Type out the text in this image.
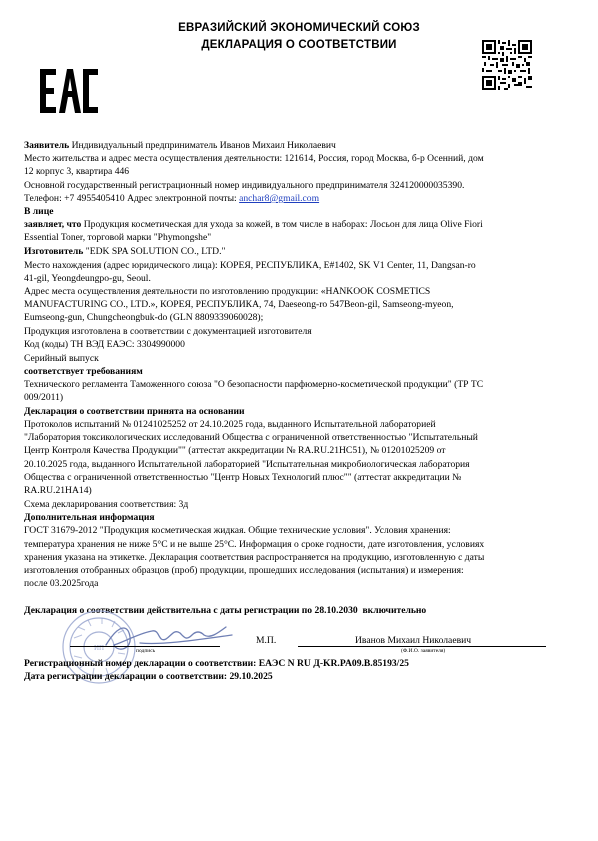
ЕВРАЗИЙСКИЙ ЭКОНОМИЧЕСКИЙ СОЮЗ
ДЕКЛАРАЦИЯ О СООТВЕТСТВИИ
Заявитель Индивидуальный предприниматель Иванов Михаил Николаевич
Место жительства и адрес места осуществления деятельности: 121614, Россия, город Москва, б-р Осенний, дом
12 корпус 3, квартира 446
Основной государственный регистрационный номер индивидуального предпринимателя 324120000035390.
Телефон: +7 4955405410 Адрес электронной почты: anchar8@gmail.com
В лице
заявляет, что Продукция косметическая для ухода за кожей, в том числе в наборах: Лосьон для лица Olive Fiori
Essential Toner, торговой марки "Phymongshe"
Изготовитель "EDK SPA SOLUTION CO., LTD."
Место нахождения (адрес юридического лица): КОРЕЯ, РЕСПУБЛИКА, E#1402, SK V1 Center, 11, Dangsan-ro
41-gil, Yeongdeungpo-gu, Seoul.
Адрес места осуществления деятельности по изготовлению продукции: «HANKOOK COSMETICS
MANUFACTURING CO., LTD.», КОРЕЯ, РЕСПУБЛИКА, 74, Daeseong-ro 547Beon-gil, Samseong-myeon,
Eumseong-gun, Chungcheongbuk-do (GLN 8809339060028);
Продукция изготовлена в соответствии с документацией изготовителя
Код (коды) ТН ВЭД ЕАЭС: 3304990000
Серийный выпуск
соответствует требованиям
Технического регламента Таможенного союза "О безопасности парфюмерно-косметической продукции" (ТР ТС
009/2011)
Декларация о соответствии принята на основании
Протоколов испытаний № 01241025252 от 24.10.2025 года, выданного Испытательной лабораторией
"Лаборатория токсикологических исследований Общества с ограниченной ответственностью "Испытательный
Центр Контроля Качества Продукции"" (аттестат аккредитации № RA.RU.21HC51), № 01201025209 от
20.10.2025 года, выданного Испытательной лабораторией "Испытательная микробиологическая лаборатория
Общества с ограниченной ответственностью "Центр Новых Технологий плюс"" (аттестат аккредитации №
RA.RU.21HA14)
Схема декларирования соответствия: 3д
Дополнительная информация
ГОСТ 31679-2012 "Продукция косметическая жидкая. Общие технические условия". Условия хранения:
температура хранения не ниже 5°С и не выше 25°С. Информация о сроке годности, дате изготовления, условиях
хранения указана на этикетке. Декларация соответствия распространяется на продукцию, изготовленную с даты
изготовления отобранных образцов (проб) продукции, прошедших исследования (испытания) и измерения:
после 03.2025года
Декларация о соответствии действительна с даты регистрации по 28.10.2030 включительно
ИП	подпись
М.П.	Иванов Михаил Николаевич
(Ф.И.О. заявителя)
Регистрационный номер декларации о соответствии: ЕАЭС N RU Д-KR.PA09.B.85193/25
Дата регистрации декларации о соответствии: 29.10.2025
